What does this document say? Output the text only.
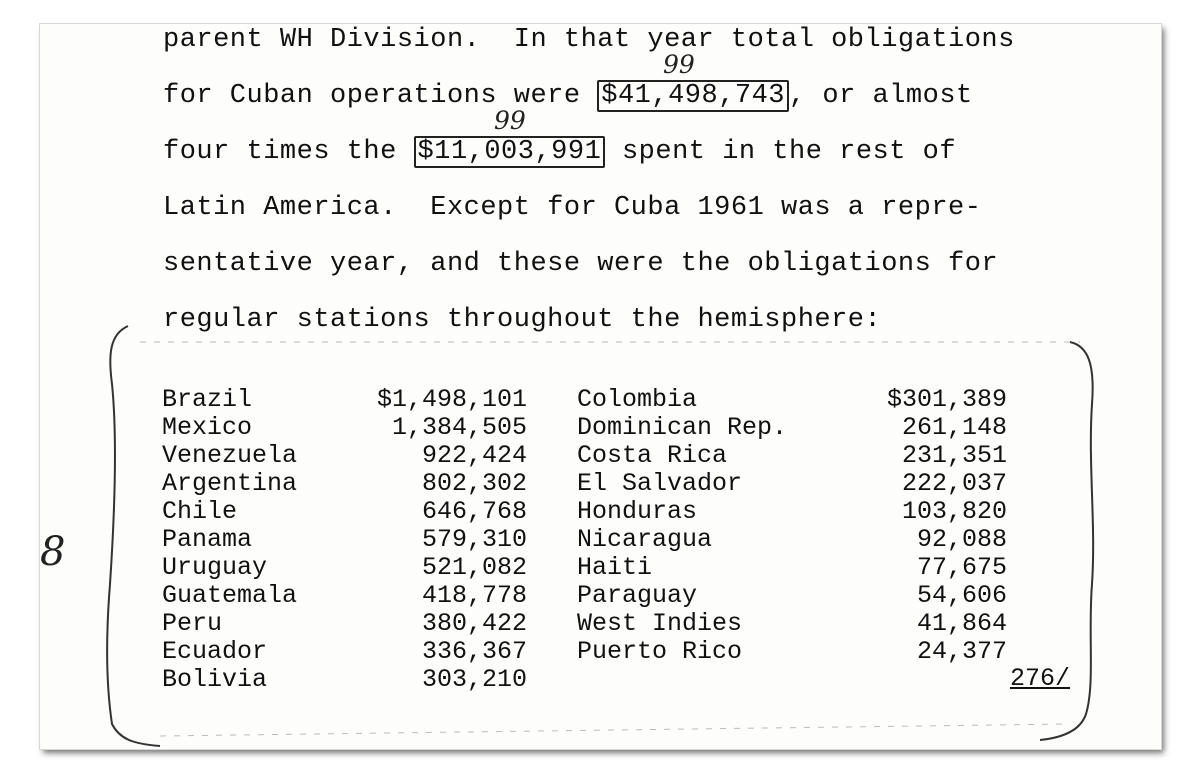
parent WH Division.  In that year total obligations
for Cuban operations were $41,498,743 , or almost
four times the $11,003,991 spent in the rest of
Latin America.  Except for Cuba 1961 was a repre-
sentative year, and these were the obligations for
regular stations throughout the hemisphere:
99
99
8
Brazil	$1,498,101
Mexico	1,384,505
Venezuela	922,424
Argentina	802,302
Chile	646,768
Panama	579,310
Uruguay	521,082
Guatemala	418,778
Peru	380,422
Ecuador	336,367
Bolivia	303,210
Colombia	$301,389
Dominican Rep.	261,148
Costa Rica	231,351
El Salvador	222,037
Honduras	103,820
Nicaragua	92,088
Haiti	77,675
Paraguay	54,606
West Indies	41,864
Puerto Rico	24,377
276/
